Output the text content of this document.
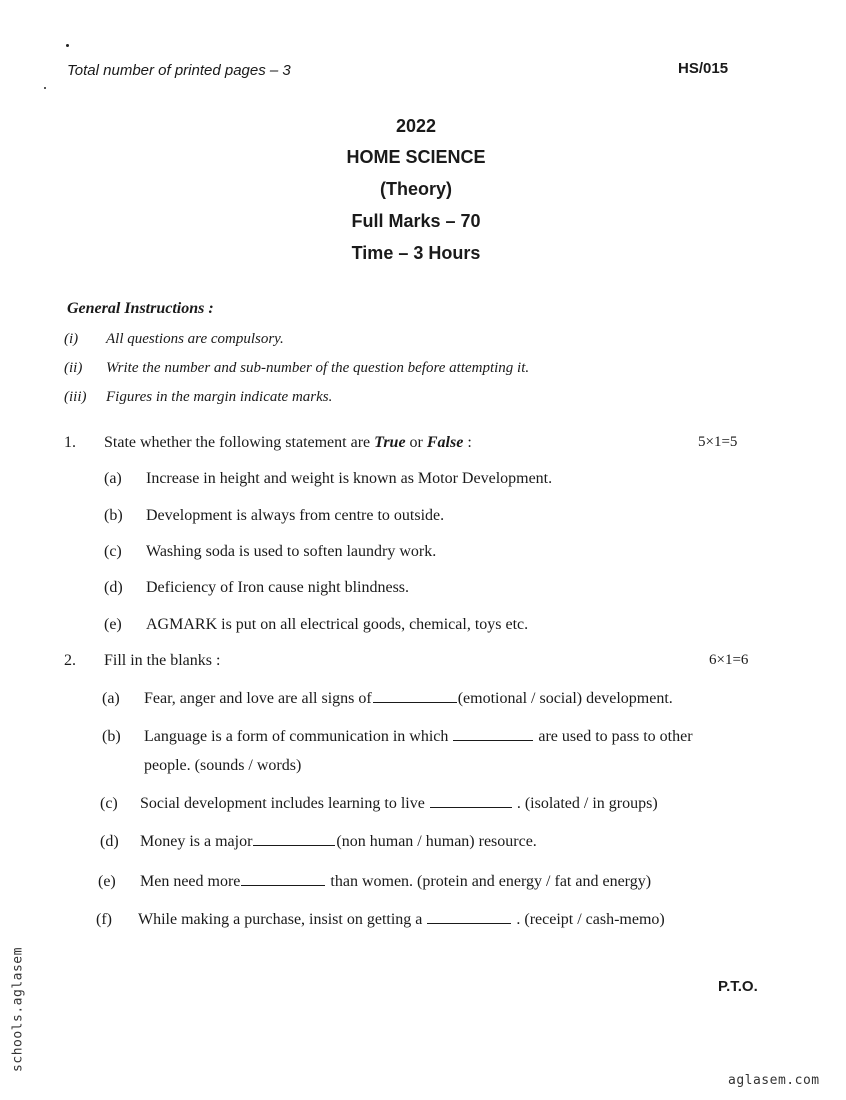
Total number of printed pages – 3	HS/015
2022
HOME SCIENCE
(Theory)
Full Marks – 70
Time – 3 Hours
General Instructions :
(i) All questions are compulsory.
(ii) Write the number and sub-number of the question before attempting it.
(iii) Figures in the margin indicate marks.
1. State whether the following statement are True or False :	5×1=5
(a) Increase in height and weight is known as Motor Development.
(b) Development is always from centre to outside.
(c) Washing soda is used to soften laundry work.
(d) Deficiency of Iron cause night blindness.
(e) AGMARK is put on all electrical goods, chemical, toys etc.
2. Fill in the blanks :	6×1=6
(a) Fear, anger and love are all signs of	(emotional / social) development.
(b) Language is a form of communication in which	are used to pass to other
people. (sounds / words)
(c) Social development includes learning to live	. (isolated / in groups)
(d) Money is a major	(non human / human) resource.
(e) Men need more	than women. (protein and energy / fat and energy)
(f) While making a purchase, insist on getting a	. (receipt / cash-memo)
P.T.O.
aglasem.com
schools.aglasem
